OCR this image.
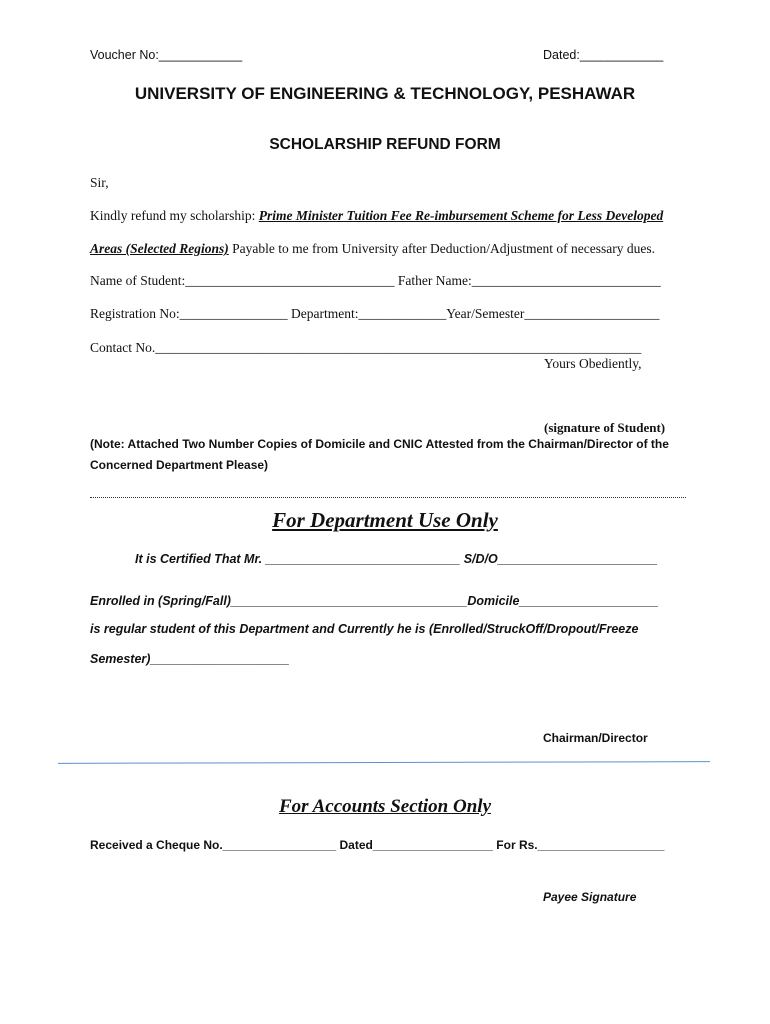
Voucher No:____________	Dated:____________
UNIVERSITY OF ENGINEERING & TECHNOLOGY, PESHAWAR
SCHOLARSHIP REFUND FORM
Sir,
Kindly refund my scholarship: Prime Minister Tuition Fee Re-imbursement Scheme for Less Developed
Areas (Selected Regions) Payable to me from University after Deduction/Adjustment of necessary dues.
Name of Student:_______________________________ Father Name:____________________________
Registration No:________________ Department:_____________Year/Semester____________________
Contact No.________________________________________________________________________
Yours Obediently,
(signature of Student)
(Note: Attached Two Number Copies of Domicile and CNIC Attested from the Chairman/Director of the
Concerned Department Please)
For Department Use Only
It is Certified That Mr. ____________________________ S/D/O_______________________
Enrolled in (Spring/Fall)__________________________________Domicile____________________
is regular student of this Department and Currently he is (Enrolled/StruckOff/Dropout/Freeze
Semester)____________________
Chairman/Director
For Accounts Section Only
Received a Cheque No._________________ Dated__________________ For Rs.___________________
Payee Signature
